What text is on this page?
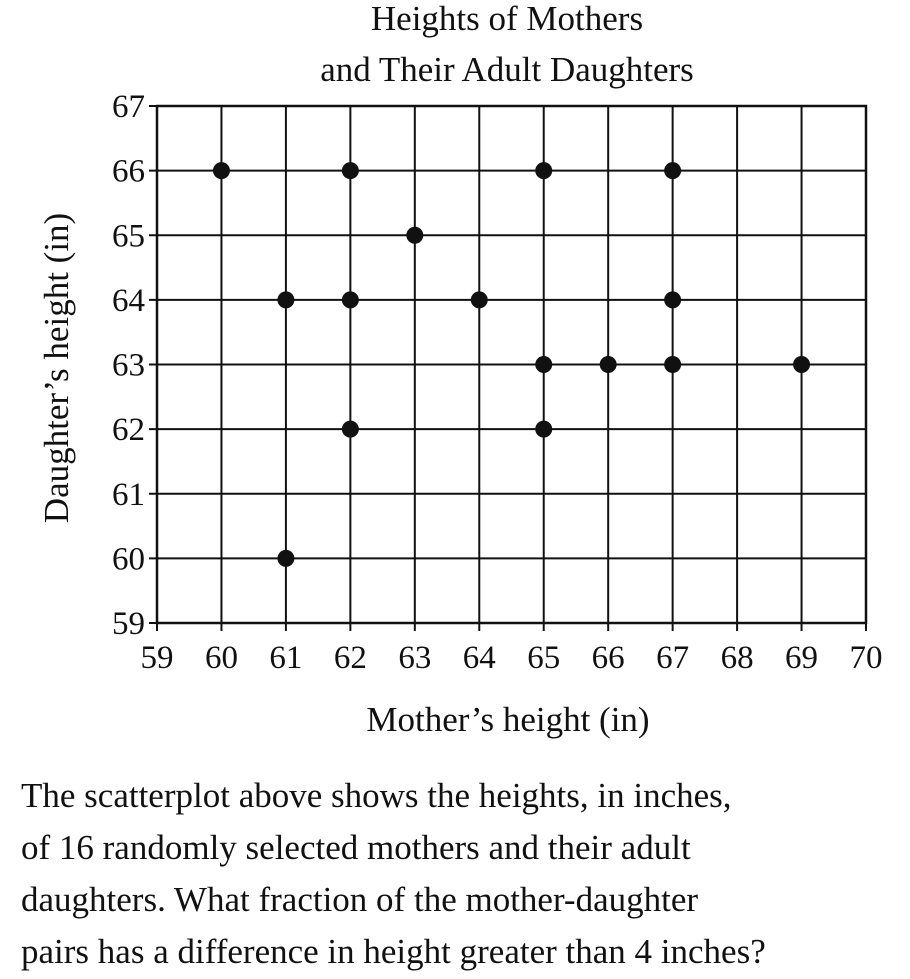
Heights of Mothers
and Their Adult Daughters
59 60 61 62 63 64 65 66 67 68 69 70
59
60
61
62
63
64
65
66
67
Mother’s height (in)
Daughter’s height (in)

The scatterplot above shows the heights, in inches,
of 16 randomly selected mothers and their adult
daughters. What fraction of the mother-daughter
pairs has a difference in height greater than 4 inches?
